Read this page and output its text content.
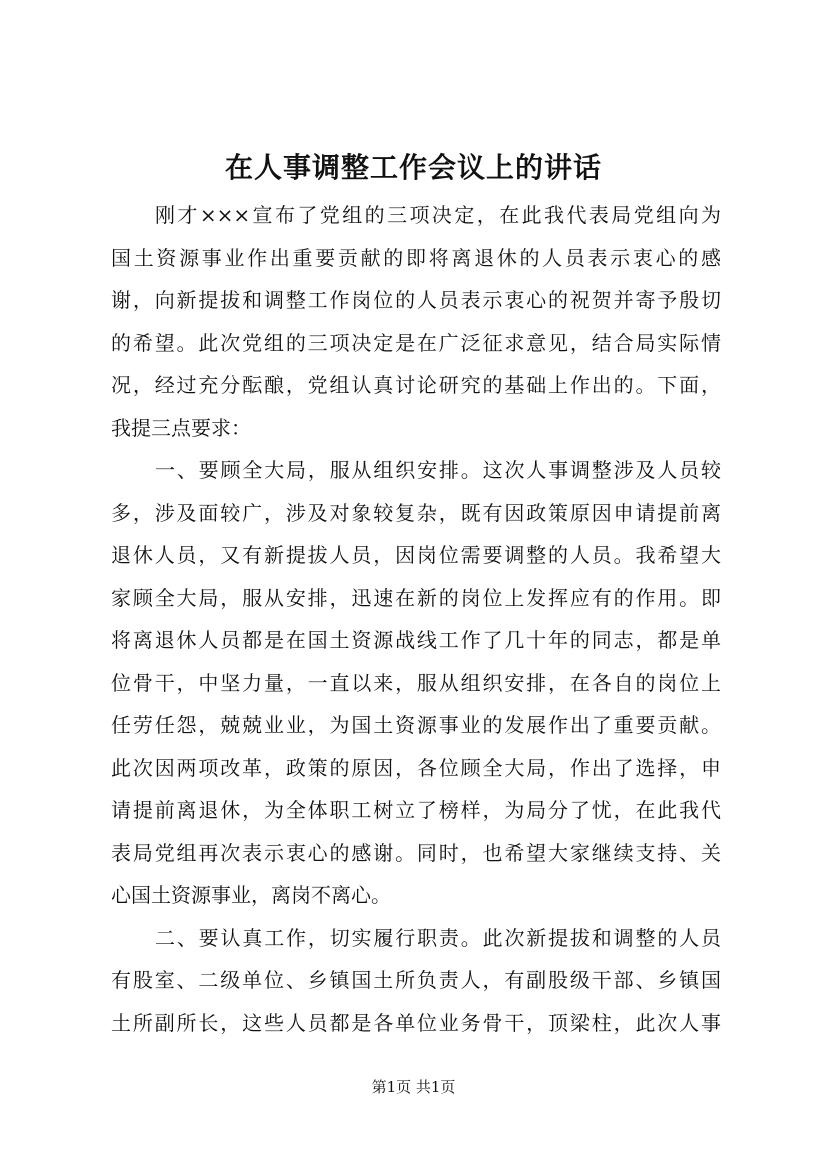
在人事调整工作会议上的讲话
刚才×××宣布了党组的三项决定，在此我代表局党组向为
国土资源事业作出重要贡献的即将离退休的人员表示衷心的感
谢，向新提拔和调整工作岗位的人员表示衷心的祝贺并寄予殷切
的希望。此次党组的三项决定是在广泛征求意见，结合局实际情
况，经过充分酝酿，党组认真讨论研究的基础上作出的。下面，
我提三点要求：
一、要顾全大局，服从组织安排。这次人事调整涉及人员较
多，涉及面较广，涉及对象较复杂，既有因政策原因申请提前离
退休人员，又有新提拔人员，因岗位需要调整的人员。我希望大
家顾全大局，服从安排，迅速在新的岗位上发挥应有的作用。即
将离退休人员都是在国土资源战线工作了几十年的同志，都是单
位骨干，中坚力量，一直以来，服从组织安排，在各自的岗位上
任劳任怨，兢兢业业，为国土资源事业的发展作出了重要贡献。
此次因两项改革，政策的原因，各位顾全大局，作出了选择，申
请提前离退休，为全体职工树立了榜样，为局分了忧，在此我代
表局党组再次表示衷心的感谢。同时，也希望大家继续支持、关
心国土资源事业，离岗不离心。
二、要认真工作，切实履行职责。此次新提拔和调整的人员
有股室、二级单位、乡镇国土所负责人，有副股级干部、乡镇国
土所副所长，这些人员都是各单位业务骨干，顶梁柱，此次人事
第1页 共1页
